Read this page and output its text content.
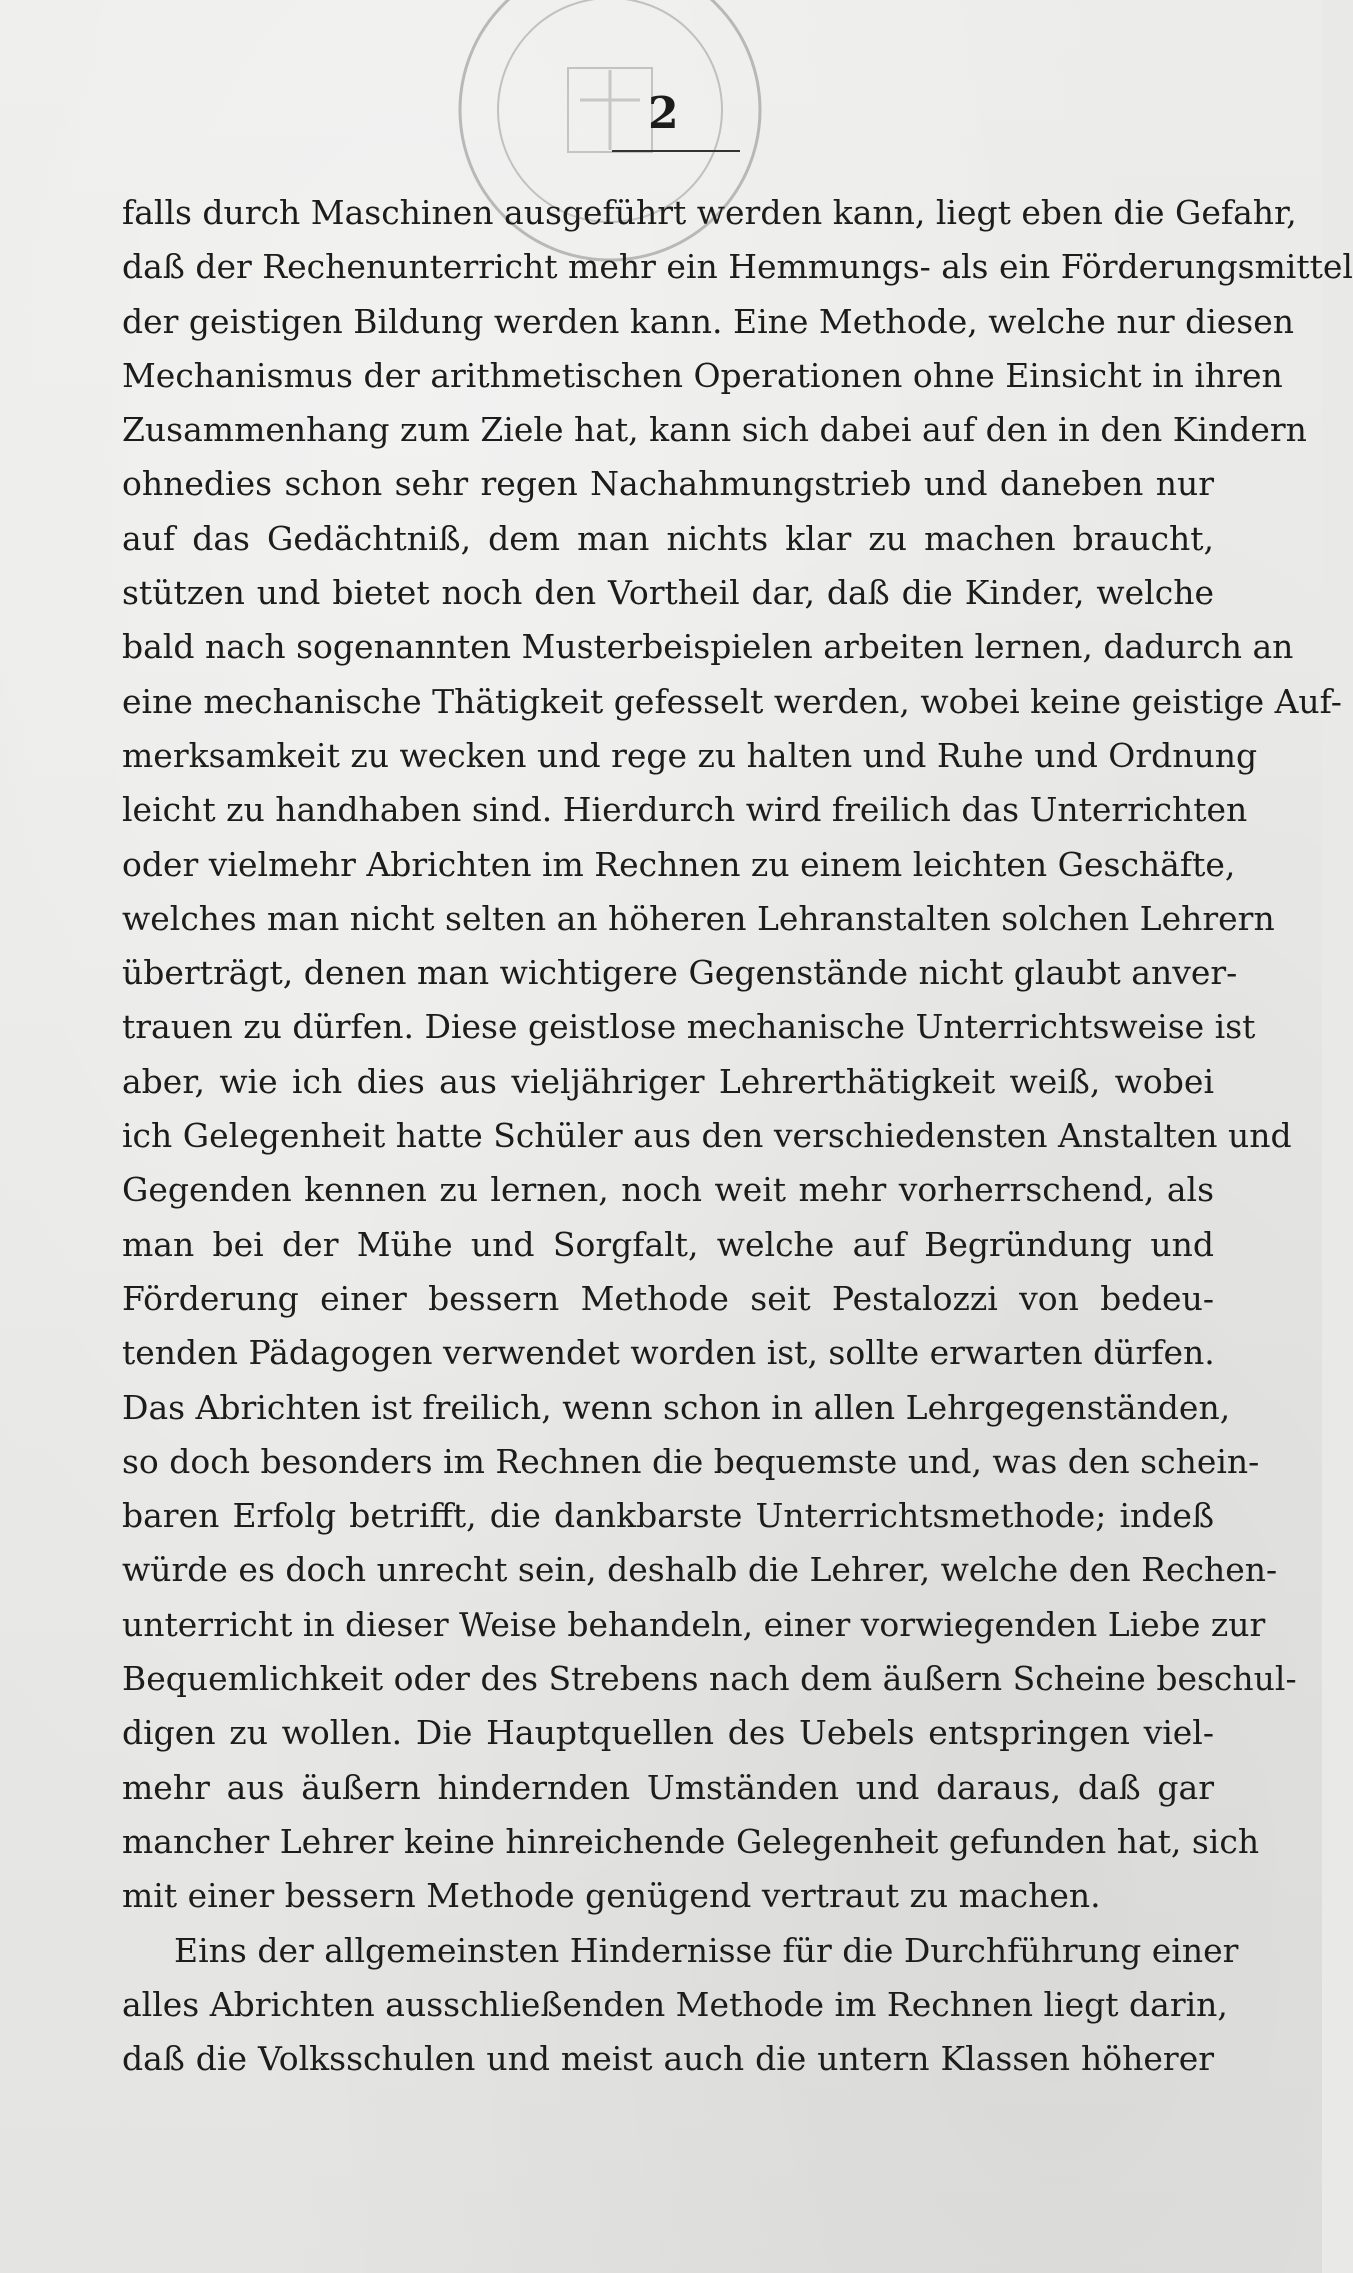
2
falls durch Maschinen ausgeführt werden kann, liegt eben die Gefahr,
daß der Rechenunterricht mehr ein Hemmungs- als ein Förderungsmittel
der geistigen Bildung werden kann. Eine Methode, welche nur diesen
Mechanismus der arithmetischen Operationen ohne Einsicht in ihren
Zusammenhang zum Ziele hat, kann sich dabei auf den in den Kindern
ohnedies schon sehr regen Nachahmungstrieb und daneben nur
auf das Gedächtniß, dem man nichts klar zu machen braucht,
stützen und bietet noch den Vortheil dar, daß die Kinder, welche
bald nach sogenannten Musterbeispielen arbeiten lernen, dadurch an
eine mechanische Thätigkeit gefesselt werden, wobei keine geistige Auf-
merksamkeit zu wecken und rege zu halten und Ruhe und Ordnung
leicht zu handhaben sind. Hierdurch wird freilich das Unterrichten
oder vielmehr Abrichten im Rechnen zu einem leichten Geschäfte,
welches man nicht selten an höheren Lehranstalten solchen Lehrern
überträgt, denen man wichtigere Gegenstände nicht glaubt anver-
trauen zu dürfen. Diese geistlose mechanische Unterrichtsweise ist
aber, wie ich dies aus vieljähriger Lehrerthätigkeit weiß, wobei
ich Gelegenheit hatte Schüler aus den verschiedensten Anstalten und
Gegenden kennen zu lernen, noch weit mehr vorherrschend, als
man bei der Mühe und Sorgfalt, welche auf Begründung und
Förderung einer bessern Methode seit Pestalozzi von bedeu-
tenden Pädagogen verwendet worden ist, sollte erwarten dürfen.
Das Abrichten ist freilich, wenn schon in allen Lehrgegenständen,
so doch besonders im Rechnen die bequemste und, was den schein-
baren Erfolg betrifft, die dankbarste Unterrichtsmethode; indeß
würde es doch unrecht sein, deshalb die Lehrer, welche den Rechen-
unterricht in dieser Weise behandeln, einer vorwiegenden Liebe zur
Bequemlichkeit oder des Strebens nach dem äußern Scheine beschul-
digen zu wollen. Die Hauptquellen des Uebels entspringen viel-
mehr aus äußern hindernden Umständen und daraus, daß gar
mancher Lehrer keine hinreichende Gelegenheit gefunden hat, sich
mit einer bessern Methode genügend vertraut zu machen.
Eins der allgemeinsten Hindernisse für die Durchführung einer
alles Abrichten ausschließenden Methode im Rechnen liegt darin,
daß die Volksschulen und meist auch die untern Klassen höherer
